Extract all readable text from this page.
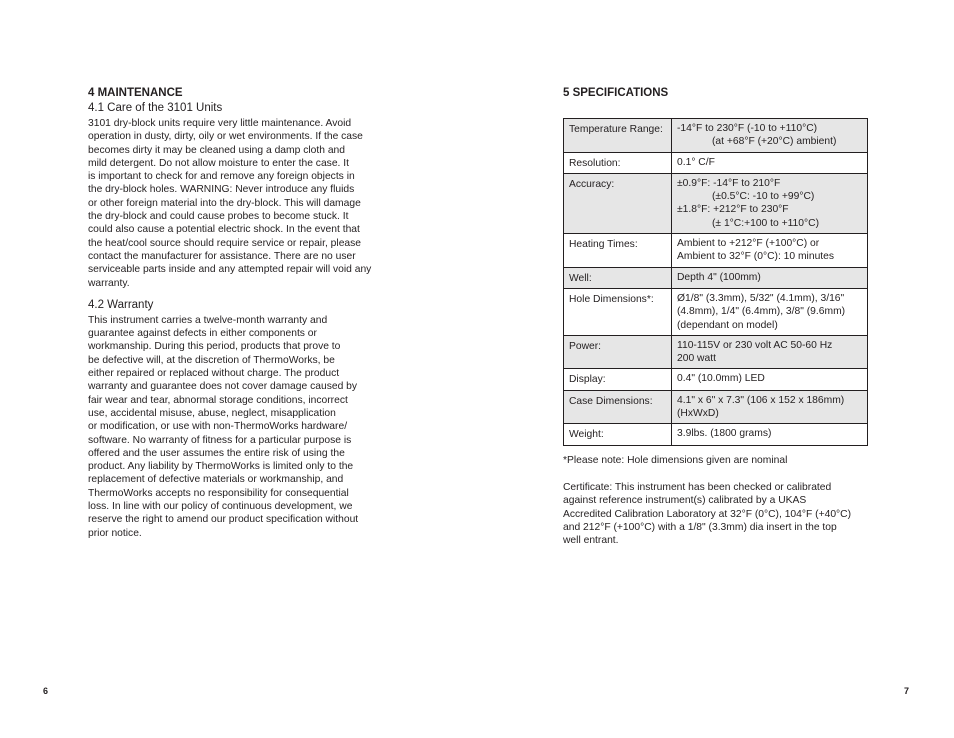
4 MAINTENANCE
4.1 Care of the 3101 Units

3101 dry-block units require very little maintenance. Avoid
operation in dusty, dirty, oily or wet environments. If the case
becomes dirty it may be cleaned using a damp cloth and
mild detergent. Do not allow moisture to enter the case. It
is important to check for and remove any foreign objects in
the dry-block holes. WARNING: Never introduce any fluids
or other foreign material into the dry-block. This will damage
the dry-block and could cause probes to become stuck. It
could also cause a potential electric shock. In the event that
the heat/cool source should require service or repair, please
contact the manufacturer for assistance. There are no user
serviceable parts inside and any attempted repair will void any
warranty.

4.2 Warranty

This instrument carries a twelve-month warranty and
guarantee against defects in either components or
workmanship. During this period, products that prove to
be defective will, at the discretion of ThermoWorks, be
either repaired or replaced without charge. The product
warranty and guarantee does not cover damage caused by
fair wear and tear, abnormal storage conditions, incorrect
use, accidental misuse, abuse, neglect, misapplication
or modification, or use with non-ThermoWorks hardware/
software. No warranty of fitness for a particular purpose is
offered and the user assumes the entire risk of using the
product. Any liability by ThermoWorks is limited only to the
replacement of defective materials or workmanship, and
ThermoWorks accepts no responsibility for consequential
loss. In line with our policy of continuous development, we
reserve the right to amend our product specification without
prior notice.

5 SPECIFICATIONS
Temperature Range:	-14°F to 230°F (-10 to +110°C)
(at +68°F (+20°C) ambient)

Resolution:	0.1° C/F

Accuracy:	±0.9°F: -14°F to 210°F
(±0.5°C: -10 to +99°C)
±1.8°F: +212°F to 230°F
(± 1°C:+100 to +110°C)

Heating Times:	Ambient to +212°F (+100°C) or
Ambient to 32°F (0°C): 10 minutes

Well:	Depth 4" (100mm)

Hole Dimensions*:	Ø1/8" (3.3mm), 5/32" (4.1mm), 3/16"
(4.8mm), 1/4" (6.4mm), 3/8" (9.6mm)
(dependant on model)

Power:	110-115V or 230 volt AC 50-60 Hz
200 watt

Display:	0.4" (10.0mm) LED

Case Dimensions:	4.1" x 6" x 7.3" (106 x 152 x 186mm)
(HxWxD)

Weight:	3.9lbs. (1800 grams)

*Please note: Hole dimensions given are nominal

Certificate: This instrument has been checked or calibrated
against reference instrument(s) calibrated by a UKAS
Accredited Calibration Laboratory at 32°F (0°C), 104°F (+40°C)
and 212°F (+100°C) with a 1/8" (3.3mm) dia insert in the top
well entrant.

6	7
